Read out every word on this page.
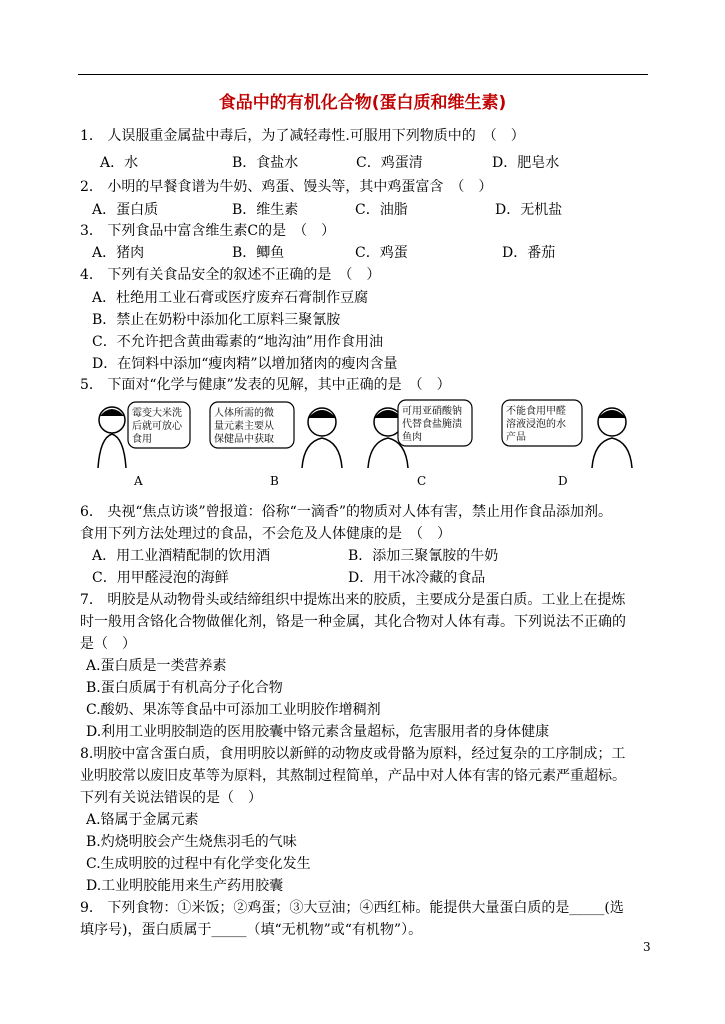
食品中的有机化合物(蛋白质和维生素)
1． 人误服重金属盐中毒后，为了减轻毒性.可服用下列物质中的　（　）
A．水	B．食盐水	C．鸡蛋清	D．肥皂水
2． 小明的早餐食谱为牛奶、鸡蛋、馒头等，其中鸡蛋富含　（　）
A．蛋白质	B．维生素	C．油脂	D．无机盐
3． 下列食品中富含维生素C的是　（　）
A．猪肉	B．鲫鱼	C．鸡蛋	D．番茄
4． 下列有关食品安全的叙述不正确的是　（　）
A．杜绝用工业石膏或医疗废弃石膏制作豆腐
B．禁止在奶粉中添加化工原料三聚氰胺
C．不允许把含黄曲霉素的“地沟油”用作食用油
D．在饲料中添加“瘦肉精”以增加猪肉的瘦肉含量
5． 下面对“化学与健康”发表的见解，其中正确的是　（　）
霉变大米洗
后就可放心
食用
人体所需的微
量元素主要从
保健品中获取
可用亚硝酸钠
代替食盐腌渍
鱼肉
不能食用甲醛
溶液浸泡的水
产品
A	B	C	D
6． 央视“焦点访谈”曾报道：俗称“一滴香”的物质对人体有害，禁止用作食品添加剂。
食用下列方法处理过的食品，不会危及人体健康的是　（　）
A．用工业酒精配制的饮用酒	B．添加三聚氰胺的牛奶
C．用甲醛浸泡的海鲜	D．用干冰冷藏的食品
7． 明胶是从动物骨头或结缔组织中提炼出来的胶质，主要成分是蛋白质。工业上在提炼
时一般用含铬化合物做催化剂，铬是一种金属，其化合物对人体有毒。下列说法不正确的
是（　）
A.蛋白质是一类营养素
B.蛋白质属于有机高分子化合物
C.酸奶、果冻等食品中可添加工业明胶作增稠剂
D.利用工业明胶制造的医用胶囊中铬元素含量超标，危害服用者的身体健康
8.明胶中富含蛋白质，食用明胶以新鲜的动物皮或骨骼为原料，经过复杂的工序制成；工
业明胶常以废旧皮革等为原料，其熬制过程简单，产品中对人体有害的铬元素严重超标。
下列有关说法错误的是（　）
A.铬属于金属元素
B.灼烧明胶会产生烧焦羽毛的气味
C.生成明胶的过程中有化学变化发生
D.工业明胶能用来生产药用胶囊
9． 下列食物：①米饭；②鸡蛋；③大豆油；④西红柿。能提供大量蛋白质的是_____(选
填序号)，蛋白质属于_____（填“无机物”或“有机物”）。
3
